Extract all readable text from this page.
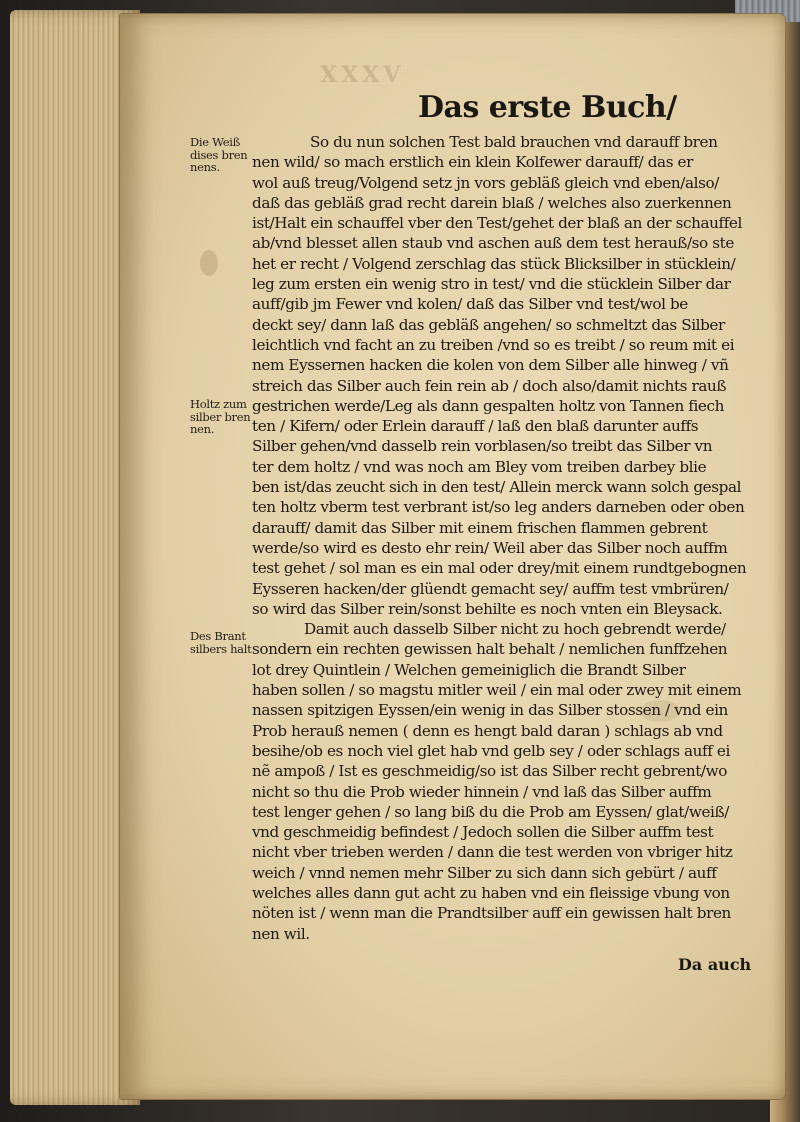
XXXV
Das erste Buch/
Die Weiß
dises bren
nens.
Holtz zum
silber bren
nen.
Des Brant
silbers halt
So du nun solchen Test bald brauchen vnd darauff bren
nen wild/ so mach erstlich ein klein Kolfewer darauff/ das er
wol auß treug/Volgend setz jn vors gebläß gleich vnd eben/also/
daß das gebläß grad recht darein blaß / welches also zuerkennen
ist/Halt ein schauffel vber den Test/gehet der blaß an der schauffel
ab/vnd blesset allen staub vnd aschen auß dem test herauß/so ste
het er recht / Volgend zerschlag das stück Blicksilber in stücklein/
leg zum ersten ein wenig stro in test/ vnd die stücklein Silber dar
auff/gib jm Fewer vnd kolen/ daß das Silber vnd test/wol be
deckt sey/ dann laß das gebläß angehen/ so schmeltzt das Silber
leichtlich vnd facht an zu treiben /vnd so es treibt / so reum mit ei
nem Eyssernen hacken die kolen von dem Silber alle hinweg / vñ
streich das Silber auch fein rein ab / doch also/damit nichts rauß
gestrichen werde/Leg als dann gespalten holtz von Tannen fiech
ten / Kifern/ oder Erlein darauff / laß den blaß darunter auffs
Silber gehen/vnd dasselb rein vorblasen/so treibt das Silber vn
ter dem holtz / vnd was noch am Bley vom treiben darbey blie
ben ist/das zeucht sich in den test/ Allein merck wann solch gespal
ten holtz vberm test verbrant ist/so leg anders darneben oder oben
darauff/ damit das Silber mit einem frischen flammen gebrent
werde/so wird es desto ehr rein/ Weil aber das Silber noch auffm
test gehet / sol man es ein mal oder drey/mit einem rundtgebognen
Eysseren hacken/der glüendt gemacht sey/ auffm test vmbrüren/
so wird das Silber rein/sonst behilte es noch vnten ein Bleysack.
Damit auch dasselb Silber nicht zu hoch gebrendt werde/
sondern ein rechten gewissen halt behalt / nemlichen funffzehen
lot drey Quintlein / Welchen gemeiniglich die Brandt Silber
haben sollen / so magstu mitler weil / ein mal oder zwey mit einem
nassen spitzigen Eyssen/ein wenig in das Silber stossen / vnd ein
Prob herauß nemen ( denn es hengt bald daran ) schlags ab vnd
besihe/ob es noch viel glet hab vnd gelb sey / oder schlags auff ei
nẽ ampoß / Ist es geschmeidig/so ist das Silber recht gebrent/wo
nicht so thu die Prob wieder hinnein / vnd laß das Silber auffm
test lenger gehen / so lang biß du die Prob am Eyssen/ glat/weiß/
vnd geschmeidig befindest / Jedoch sollen die Silber auffm test
nicht vber trieben werden / dann die test werden von vbriger hitz
weich / vnnd nemen mehr Silber zu sich dann sich gebürt / auff
welches alles dann gut acht zu haben vnd ein fleissige vbung von
nöten ist / wenn man die Prandtsilber auff ein gewissen halt bren
nen wil.
Da auch
